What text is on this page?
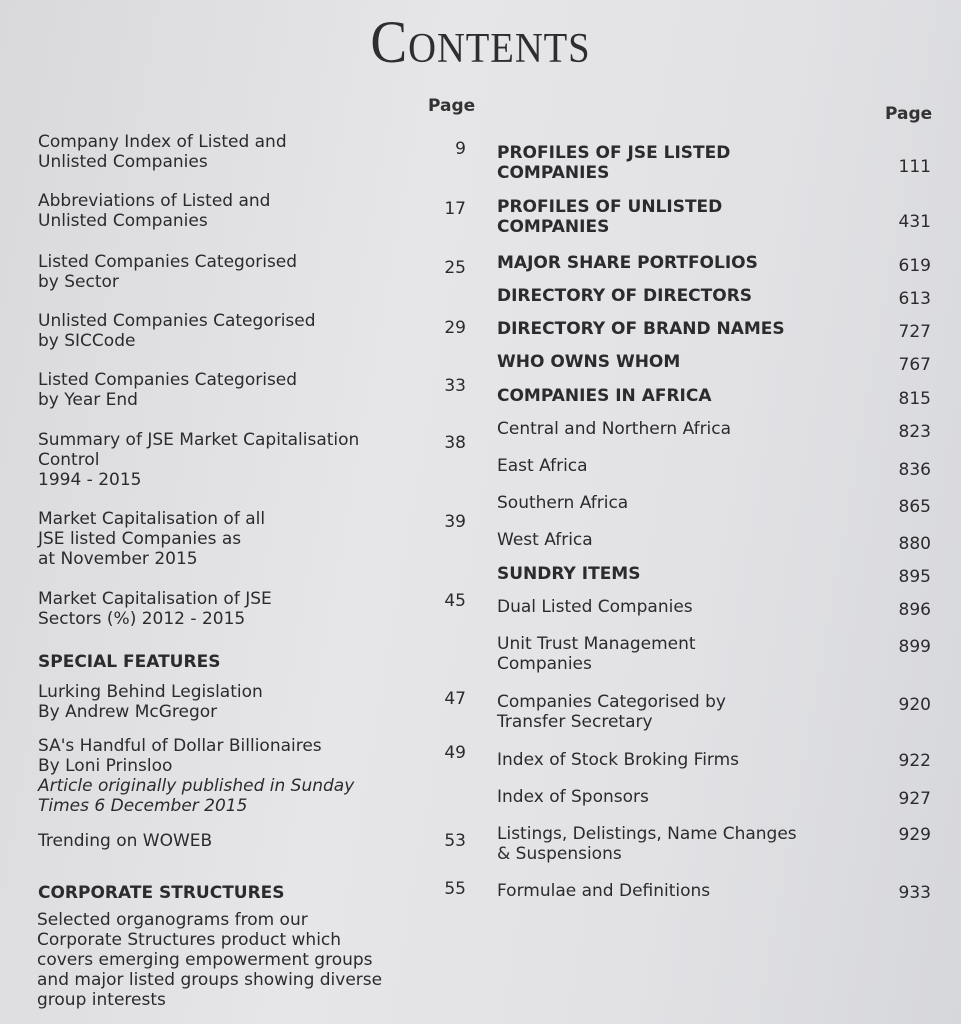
Contents
Page	Page
Company Index of Listed and
Unlisted Companies
9
Abbreviations of Listed and
Unlisted Companies
17
Listed Companies Categorised
by Sector
25
Unlisted Companies Categorised
by SICCode
29
Listed Companies Categorised
by Year End
33
Summary of JSE Market Capitalisation
Control
1994 - 2015
38
Market Capitalisation of all
JSE listed Companies as
at November 2015
39
Market Capitalisation of JSE
Sectors (%) 2012 - 2015
45
SPECIAL FEATURES
Lurking Behind Legislation
By Andrew McGregor
47
SA's Handful of Dollar Billionaires
By Loni Prinsloo
Article originally published in Sunday
Times 6 December 2015
49
Trending on WOWEB	53
CORPORATE STRUCTURES	55
PROFILES OF JSE LISTED
COMPANIES	111
PROFILES OF UNLISTED
COMPANIES	431
MAJOR SHARE PORTFOLIOS	619
DIRECTORY OF DIRECTORS	613
DIRECTORY OF BRAND NAMES	727
WHO OWNS WHOM	767
COMPANIES IN AFRICA	815
Central and Northern Africa	823
East Africa	836
Southern Africa	865
West Africa	880
SUNDRY ITEMS	895
Dual Listed Companies	896
Unit Trust Management
Companies
899
Companies Categorised by
Transfer Secretary
920
Index of Stock Broking Firms	922
Index of Sponsors	927
Listings, Delistings, Name Changes
& Suspensions
929
Formulae and Definitions	933
Selected organograms from our
Corporate Structures product which
covers emerging empowerment groups
and major listed groups showing diverse
group interests
